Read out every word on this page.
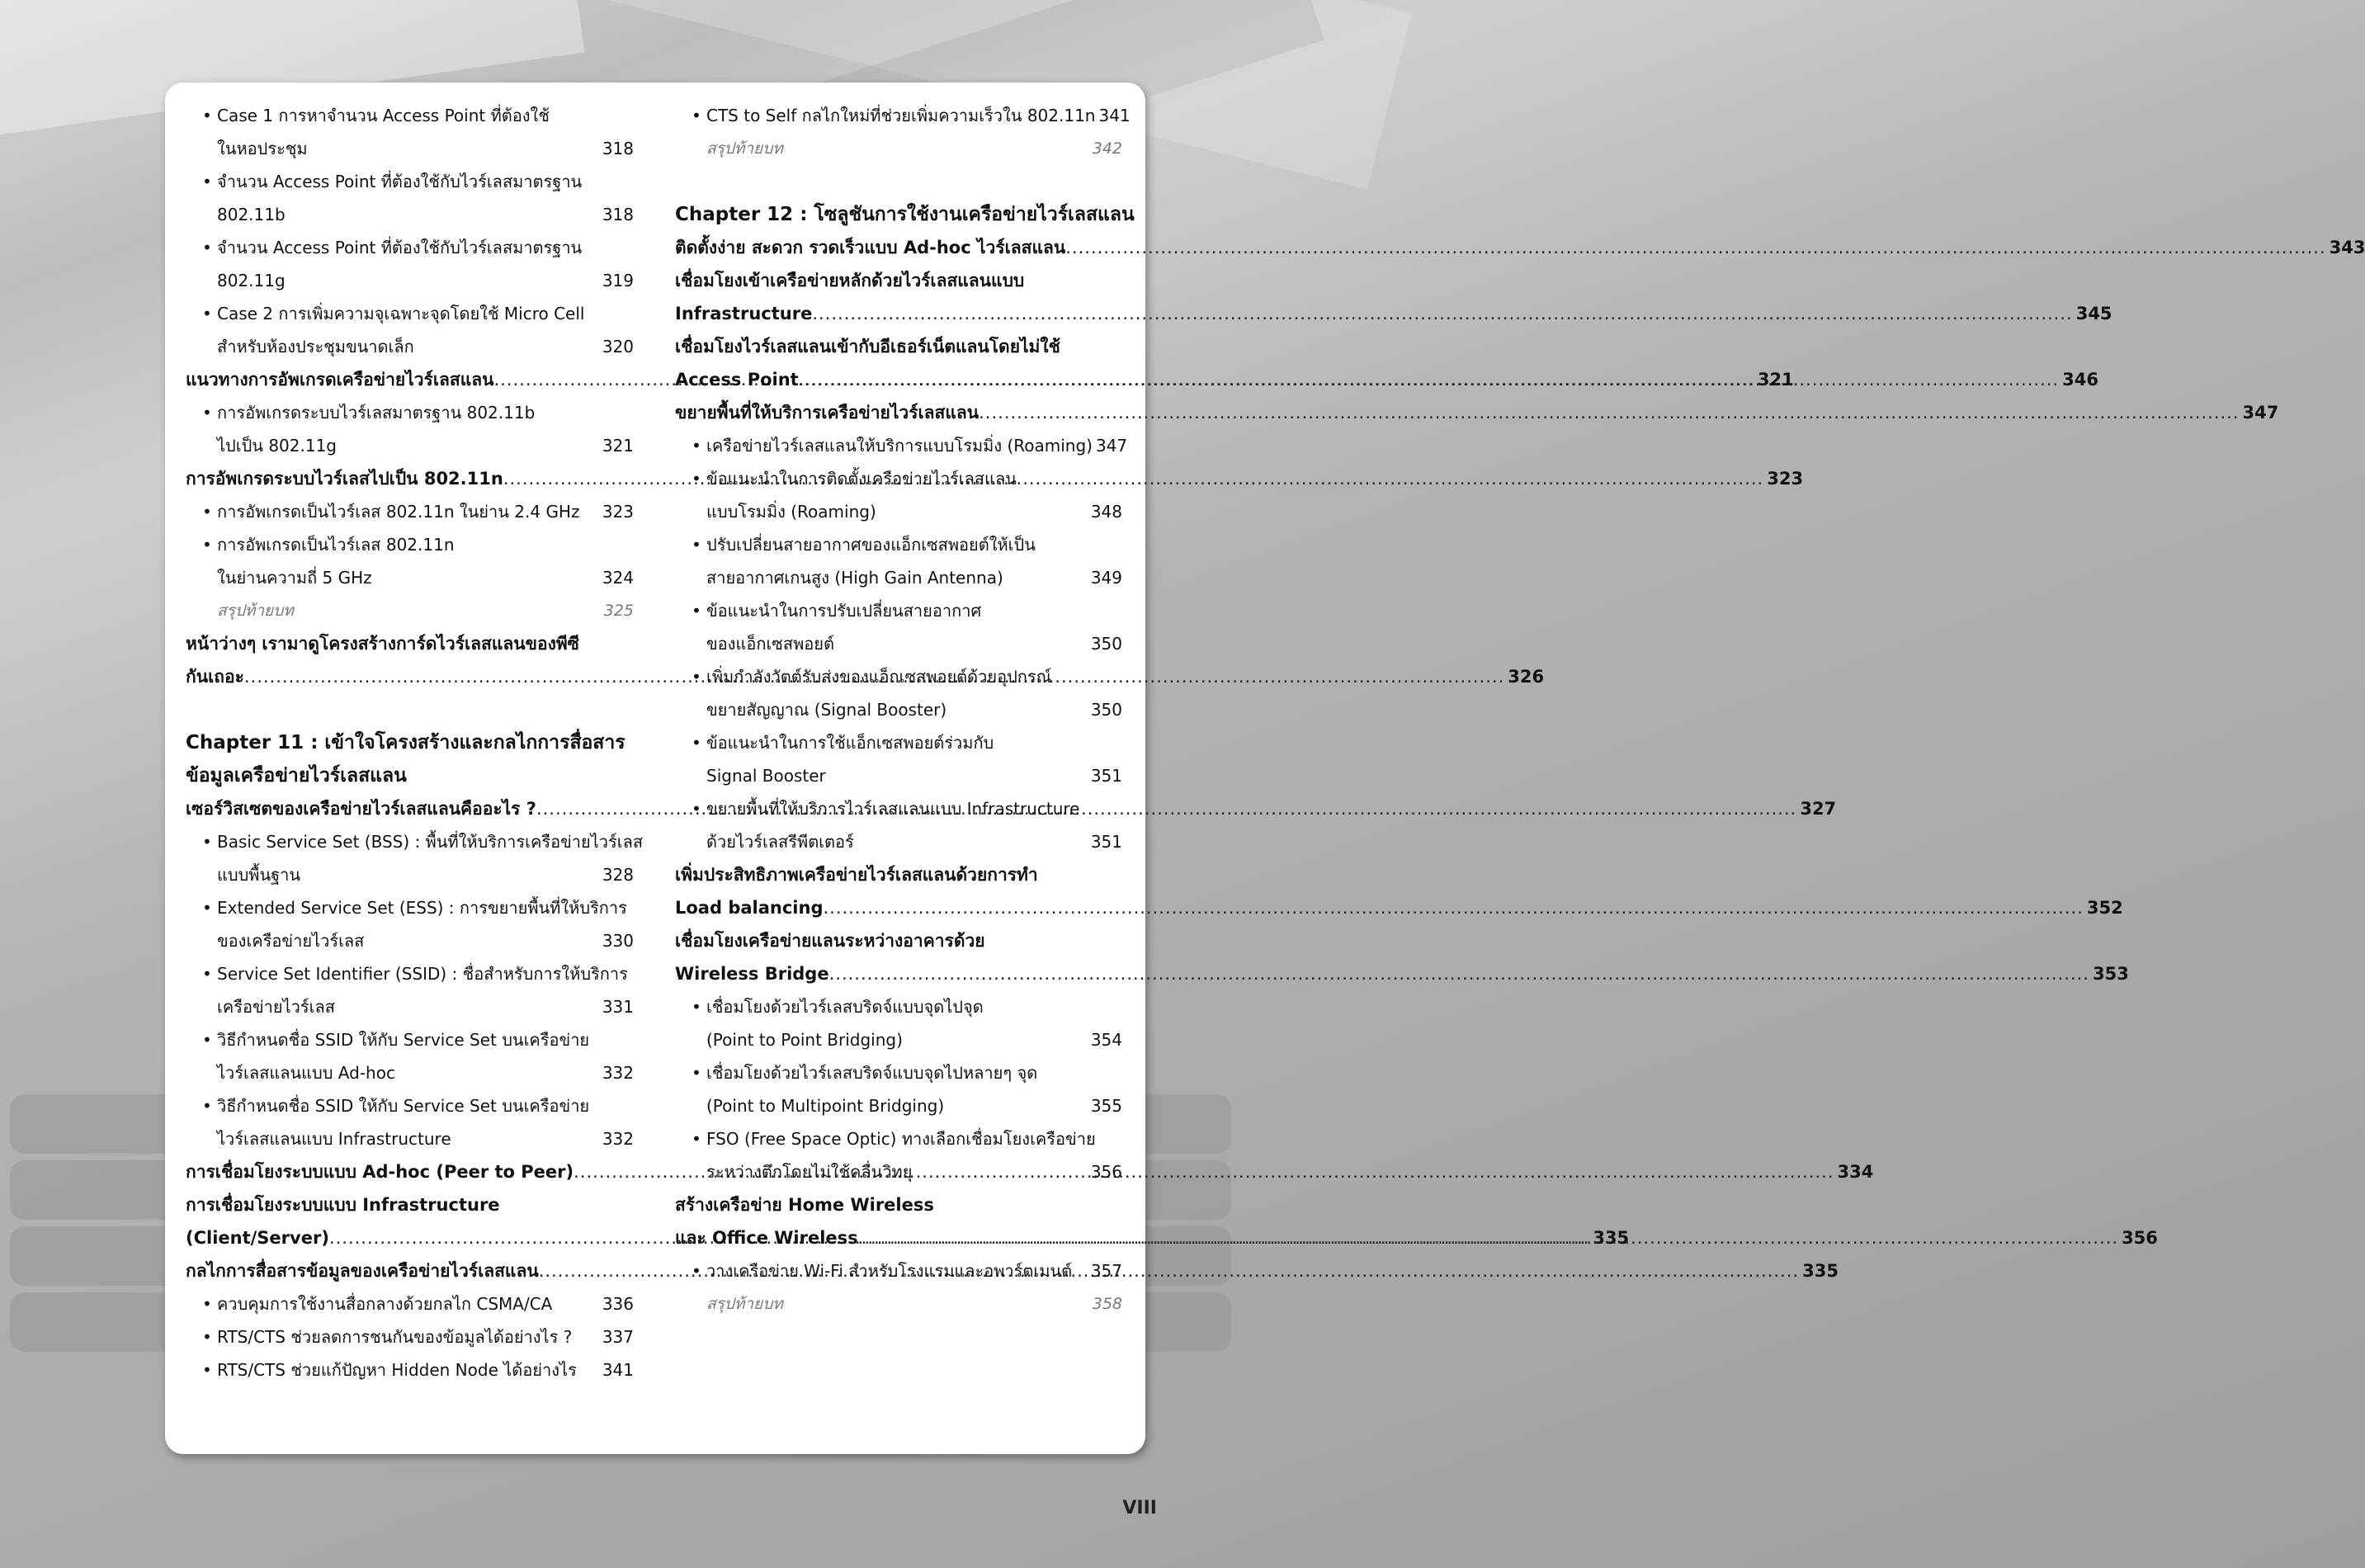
• Case 1 การหาจำนวน Access Point ที่ต้องใช้
ในหอประชุม	318
• จำนวน Access Point ที่ต้องใช้กับไวร์เลสมาตรฐาน
802.11b	318
• จำนวน Access Point ที่ต้องใช้กับไวร์เลสมาตรฐาน
802.11g	319
• Case 2 การเพิ่มความจุเฉพาะจุดโดยใช้ Micro Cell
สำหรับห้องประชุมขนาดเล็ก	320
แนวทางการอัพเกรดเครือข่ายไวร์เลสแลน .....	321
• การอัพเกรดระบบไวร์เลสมาตรฐาน 802.11b
ไปเป็น 802.11g	321
การอัพเกรดระบบไวร์เลสไปเป็น 802.11n .....	323
• การอัพเกรดเป็นไวร์เลส 802.11n ในย่าน 2.4 GHz 323
• การอัพเกรดเป็นไวร์เลส 802.11n
ในย่านความถี่ 5 GHz	324
สรุปท้ายบท	325
หน้าว่างๆ เรามาดูโครงสร้างการ์ดไวร์เลสแลนของพีซี
กันเถอะ .....	326
Chapter 11 : เข้าใจโครงสร้างและกลไกการสื่อสาร
ข้อมูลเครือข่ายไวร์เลสแลน
เซอร์วิสเซตของเครือข่ายไวร์เลสแลนคืออะไร ? .....	327
• Basic Service Set (BSS) : พื้นที่ให้บริการเครือข่ายไวร์เลส
แบบพื้นฐาน	328
• Extended Service Set (ESS) : การขยายพื้นที่ให้บริการ
ของเครือข่ายไวร์เลส	330
• Service Set Identifier (SSID) : ชื่อสำหรับการให้บริการ
เครือข่ายไวร์เลส	331
• วิธีกำหนดชื่อ SSID ให้กับ Service Set บนเครือข่าย
ไวร์เลสแลนแบบ Ad-hoc	332
• วิธีกำหนดชื่อ SSID ให้กับ Service Set บนเครือข่าย
ไวร์เลสแลนแบบ Infrastructure	332
การเชื่อมโยงระบบแบบ Ad-hoc (Peer to Peer) .....	334
การเชื่อมโยงระบบแบบ Infrastructure
(Client/Server) .....	335
กลไกการสื่อสารข้อมูลของเครือข่ายไวร์เลสแลน .....	335
• ควบคุมการใช้งานสื่อกลางด้วยกลไก CSMA/CA	336
• RTS/CTS ช่วยลดการชนกันของข้อมูลได้อย่างไร ? 337
• RTS/CTS ช่วยแก้ปัญหา Hidden Node ได้อย่างไร 341
• CTS to Self กลไกใหม่ที่ช่วยเพิ่มความเร็วใน 802.11n 341
สรุปท้ายบท	342
Chapter 12 : โซลูชันการใช้งานเครือข่ายไวร์เลสแลน
ติดตั้งง่าย สะดวก รวดเร็วแบบ Ad-hoc ไวร์เลสแลน .....	343
เชื่อมโยงเข้าเครือข่ายหลักด้วยไวร์เลสแลนแบบ
Infrastructure .....	345
เชื่อมโยงไวร์เลสแลนเข้ากับอีเธอร์เน็ตแลนโดยไม่ใช้
Access Point .....	346
ขยายพื้นที่ให้บริการเครือข่ายไวร์เลสแลน .....	347
• เครือข่ายไวร์เลสแลนให้บริการแบบโรมมิ่ง (Roaming) 347
• ข้อแนะนำในการติดตั้งเครือข่ายไวร์เลสแลน
แบบโรมมิ่ง (Roaming)	348
• ปรับเปลี่ยนสายอากาศของแอ็กเซสพอยต์ให้เป็น
สายอากาศเกนสูง (High Gain Antenna)	349
• ข้อแนะนำในการปรับเปลี่ยนสายอากาศ
ของแอ็กเซสพอยต์	350
• เพิ่มกำลังวัตต์รับส่งของแอ็กเซสพอยต์ด้วยอุปกรณ์
ขยายสัญญาณ (Signal Booster)	350
• ข้อแนะนำในการใช้แอ็กเซสพอยต์ร่วมกับ
Signal Booster	351
• ขยายพื้นที่ให้บริการไวร์เลสแลนแบบ Infrastructure
ด้วยไวร์เลสรีพีตเตอร์	351
เพิ่มประสิทธิภาพเครือข่ายไวร์เลสแลนด้วยการทำ
Load balancing .....	352
เชื่อมโยงเครือข่ายแลนระหว่างอาคารด้วย
Wireless Bridge .....	353
• เชื่อมโยงด้วยไวร์เลสบริดจ์แบบจุดไปจุด
(Point to Point Bridging)	354
• เชื่อมโยงด้วยไวร์เลสบริดจ์แบบจุดไปหลายๆ จุด
(Point to Multipoint Bridging)	355
• FSO (Free Space Optic) ทางเลือกเชื่อมโยงเครือข่าย
ระหว่างตึกโดยไม่ใช้คลื่นวิทยุ	356
สร้างเครือข่าย Home Wireless
และ Office Wireless .....	356
• วางเครือข่าย Wi-Fi สำหรับโรงแรมและอพาร์ตเมนต์ 357
สรุปท้ายบท	358
VIII
